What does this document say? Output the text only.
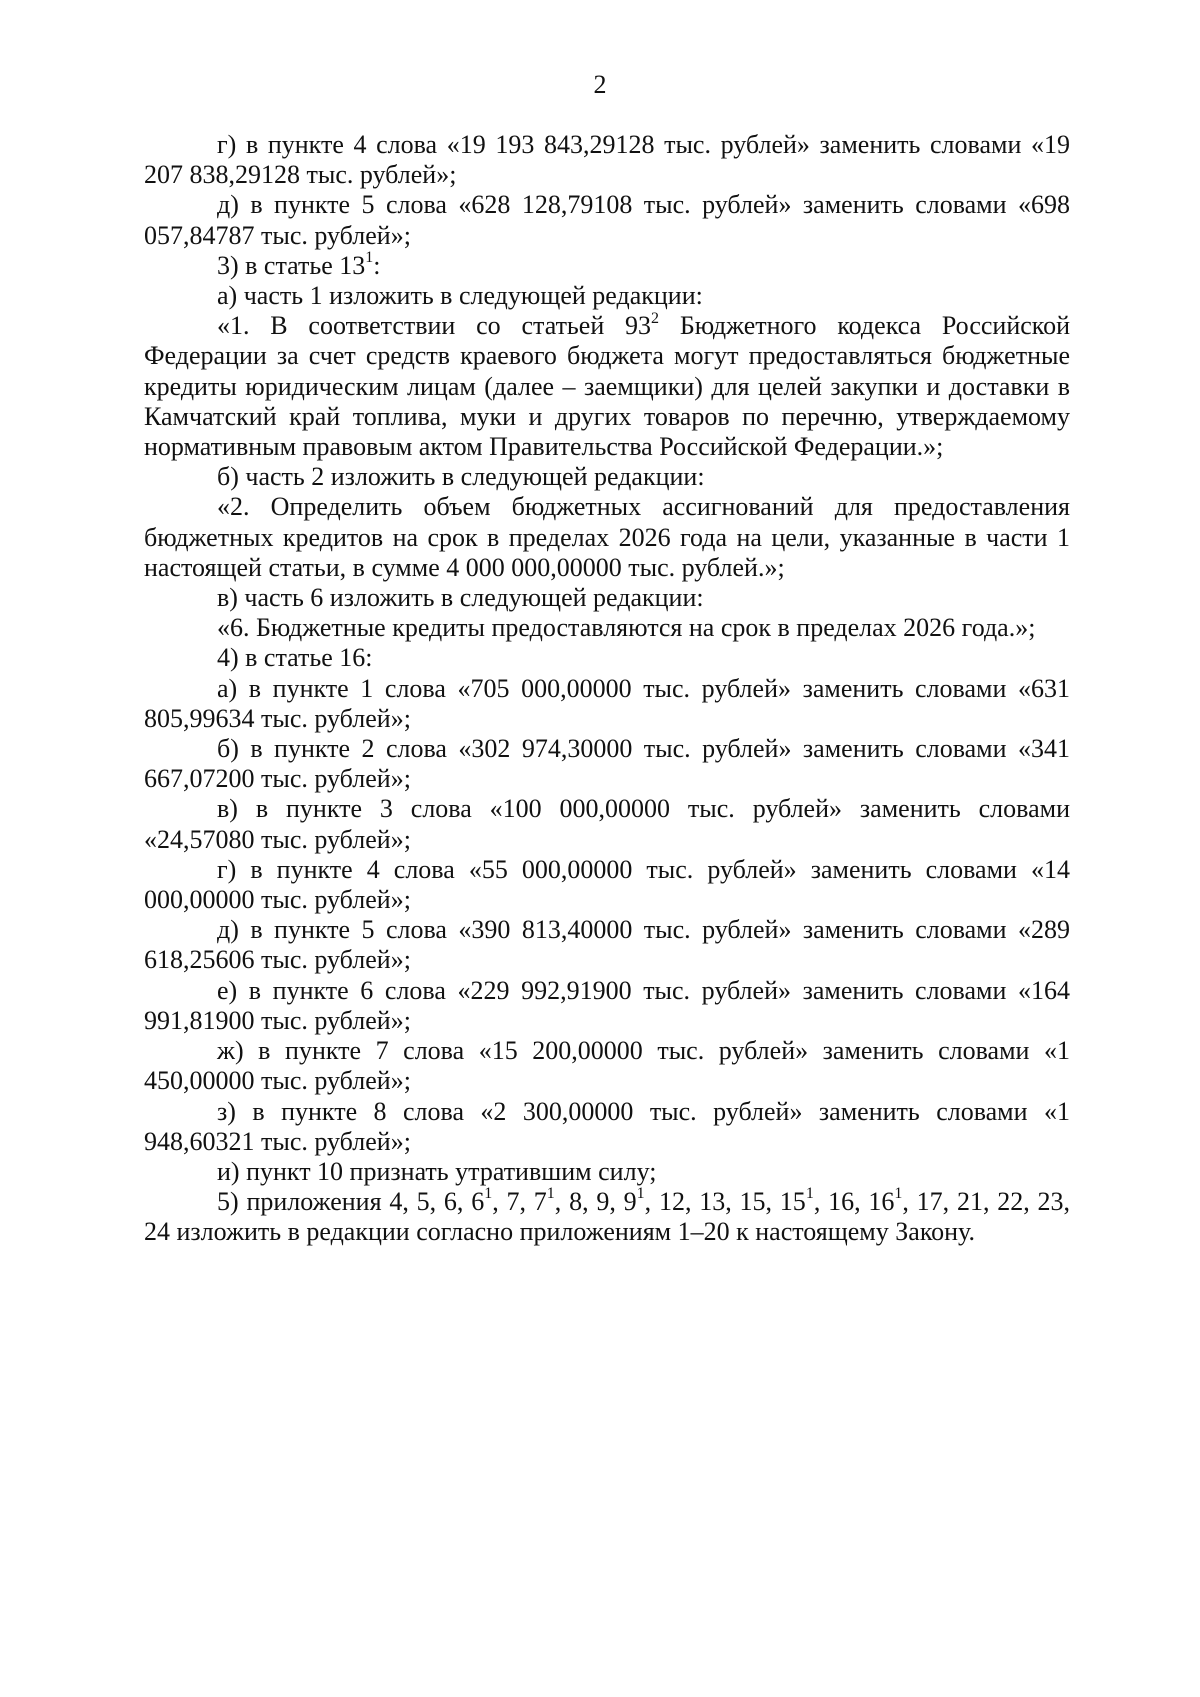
2

г) в пункте 4 слова «19 193 843,29128 тыс. рублей» заменить словами «19 207 838,29128 тыс. рублей»;

д) в пункте 5 слова «628 128,79108 тыс. рублей» заменить словами «698 057,84787 тыс. рублей»;

3) в статье $13^1$:

а) часть 1 изложить в следующей редакции:

«1. В соответствии со статьей $93^2$ Бюджетного кодекса Российской Федерации за счет средств краевого бюджета могут предоставляться бюджетные кредиты юридическим лицам (далее – заемщики) для целей закупки и доставки в Камчатский край топлива, муки и других товаров по перечню, утверждаемому нормативным правовым актом Правительства Российской Федерации.»;

б) часть 2 изложить в следующей редакции:

«2. Определить объем бюджетных ассигнований для предоставления бюджетных кредитов на срок в пределах 2026 года на цели, указанные в части 1 настоящей статьи, в сумме 4 000 000,00000 тыс. рублей.»;

в) часть 6 изложить в следующей редакции:

«6. Бюджетные кредиты предоставляются на срок в пределах 2026 года.»;

4) в статье 16:

а) в пункте 1 слова «705 000,00000 тыс. рублей» заменить словами «631 805,99634 тыс. рублей»;

б) в пункте 2 слова «302 974,30000 тыс. рублей» заменить словами «341 667,07200 тыс. рублей»;

в) в пункте 3 слова «100 000,00000 тыс. рублей» заменить словами «24,57080 тыс. рублей»;

г) в пункте 4 слова «55 000,00000 тыс. рублей» заменить словами «14 000,00000 тыс. рублей»;

д) в пункте 5 слова «390 813,40000 тыс. рублей» заменить словами «289 618,25606 тыс. рублей»;

е) в пункте 6 слова «229 992,91900 тыс. рублей» заменить словами «164 991,81900 тыс. рублей»;

ж) в пункте 7 слова «15 200,00000 тыс. рублей» заменить словами «1 450,00000 тыс. рублей»;

з) в пункте 8 слова «2 300,00000 тыс. рублей» заменить словами «1 948,60321 тыс. рублей»;

и) пункт 10 признать утратившим силу;

5) приложения 4, 5, 6, $6^1$, 7, $7^1$, 8, 9, $9^1$, 12, 13, 15, $15^1$, 16, $16^1$, 17, 21, 22, 23, 24 изложить в редакции согласно приложениям 1–20 к настоящему Закону.
